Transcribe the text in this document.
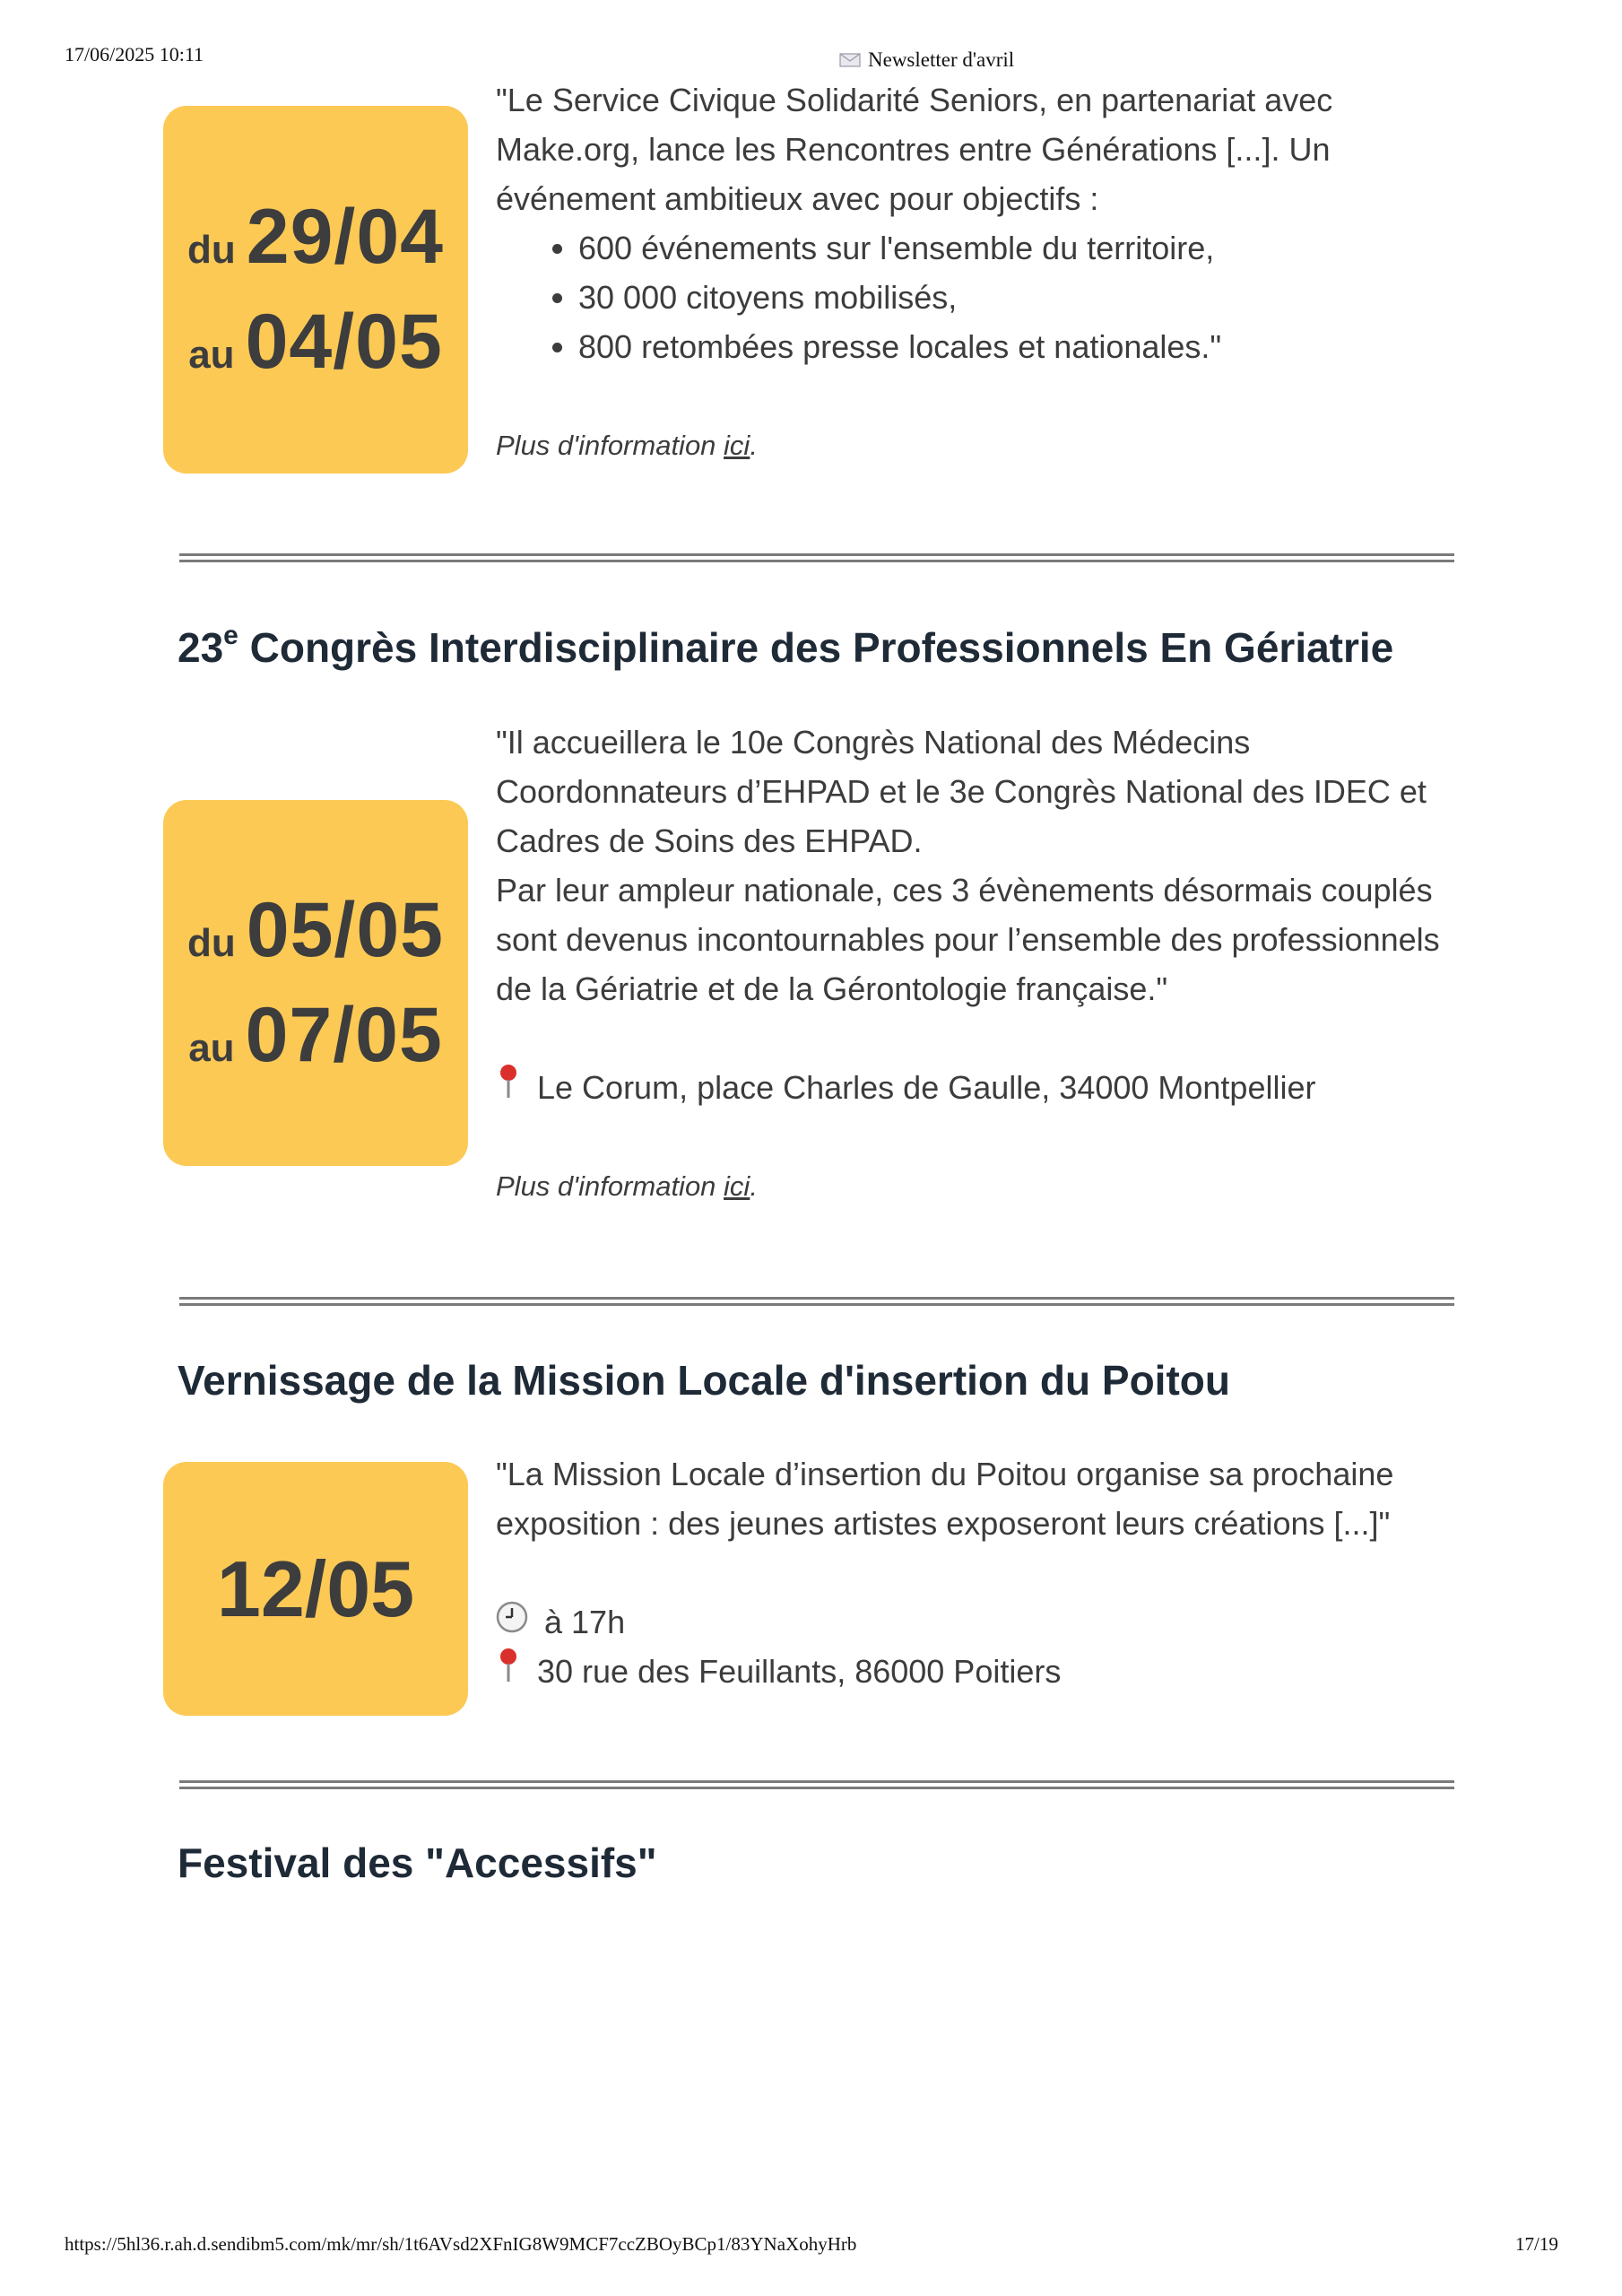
17/06/2025 10:11	Newsletter d'avril
du 29/04
au 04/05

"Le Service Civique Solidarité Seniors, en partenariat avec Make.org, lance les Rencontres entre Générations [...]. Un événement ambitieux avec pour objectifs :

• 600 événements sur l'ensemble du territoire,
• 30 000 citoyens mobilisés,
• 800 retombées presse locales et nationales."

Plus d'information ici.

23e Congrès Interdisciplinaire des Professionnels En Gériatrie
du 05/05
au 07/05

"Il accueillera le 10e Congrès National des Médecins Coordonnateurs d’EHPAD et le 3e Congrès National des IDEC et Cadres de Soins des EHPAD.

Par leur ampleur nationale, ces 3 évènements désormais couplés sont devenus incontournables pour l’ensemble des professionnels de la Gériatrie et de la Gérontologie française."

Le Corum, place Charles de Gaulle, 34000 Montpellier

Plus d'information ici.

Vernissage de la Mission Locale d'insertion du Poitou
12/05

"La Mission Locale d’insertion du Poitou organise sa prochaine exposition : des jeunes artistes exposeront leurs créations [...]"

à 17h

30 rue des Feuillants, 86000 Poitiers

Festival des "Accessifs"
https://5hl36.r.ah.d.sendibm5.com/mk/mr/sh/1t6AVsd2XFnIG8W9MCF7ccZBOyBCp1/83YNaXohyHrb	17/19
